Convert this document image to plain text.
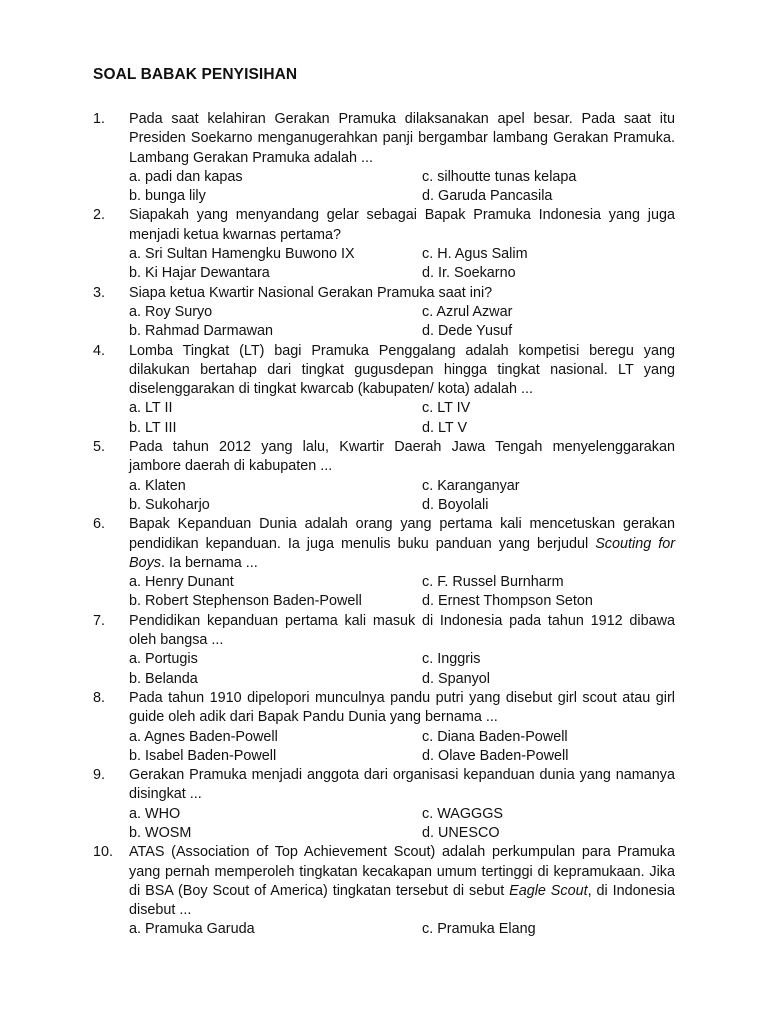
SOAL BABAK PENYISIHAN
1. Pada saat kelahiran Gerakan Pramuka dilaksanakan apel besar. Pada saat itu Presiden Soekarno menganugerahkan panji bergambar lambang Gerakan Pramuka. Lambang Gerakan Pramuka adalah ...
a. padi dan kapas	c. silhoutte tunas kelapa
b. bunga lily	d. Garuda Pancasila
2. Siapakah yang menyandang gelar sebagai Bapak Pramuka Indonesia yang juga menjadi ketua kwarnas pertama?
a. Sri Sultan Hamengku Buwono IX	c. H. Agus Salim
b. Ki Hajar Dewantara	d. Ir. Soekarno
3. Siapa ketua Kwartir Nasional Gerakan Pramuka saat ini?
a. Roy Suryo	c. Azrul Azwar
b. Rahmad Darmawan	d. Dede Yusuf
4. Lomba Tingkat (LT) bagi Pramuka Penggalang adalah kompetisi beregu yang dilakukan bertahap dari tingkat gugusdepan hingga tingkat nasional. LT yang diselenggarakan di tingkat kwarcab (kabupaten/ kota) adalah ...
a. LT II	c. LT IV
b. LT III	d. LT V
5. Pada tahun 2012 yang lalu, Kwartir Daerah Jawa Tengah menyelenggarakan jambore daerah di kabupaten ...
a. Klaten	c. Karanganyar
b. Sukoharjo	d. Boyolali
6. Bapak Kepanduan Dunia adalah orang yang pertama kali mencetuskan gerakan pendidikan kepanduan. Ia juga menulis buku panduan yang berjudul Scouting for Boys. Ia bernama ...
a. Henry Dunant	c. F. Russel Burnharm
b. Robert Stephenson Baden-Powell	d. Ernest Thompson Seton
7. Pendidikan kepanduan pertama kali masuk di Indonesia pada tahun 1912 dibawa oleh bangsa ...
a. Portugis	c. Inggris
b. Belanda	d. Spanyol
8. Pada tahun 1910 dipelopori munculnya pandu putri yang disebut girl scout atau girl guide oleh adik dari Bapak Pandu Dunia yang bernama ...
a. Agnes Baden-Powell	c. Diana Baden-Powell
b. Isabel Baden-Powell	d. Olave Baden-Powell
9. Gerakan Pramuka menjadi anggota dari organisasi kepanduan dunia yang namanya disingkat ...
a. WHO	c. WAGGGS
b. WOSM	d. UNESCO
10. ATAS (Association of Top Achievement Scout) adalah perkumpulan para Pramuka yang pernah memperoleh tingkatan kecakapan umum tertinggi di kepramukaan. Jika di BSA (Boy Scout of America) tingkatan tersebut di sebut Eagle Scout, di Indonesia disebut ...
a. Pramuka Garuda	c. Pramuka Elang
